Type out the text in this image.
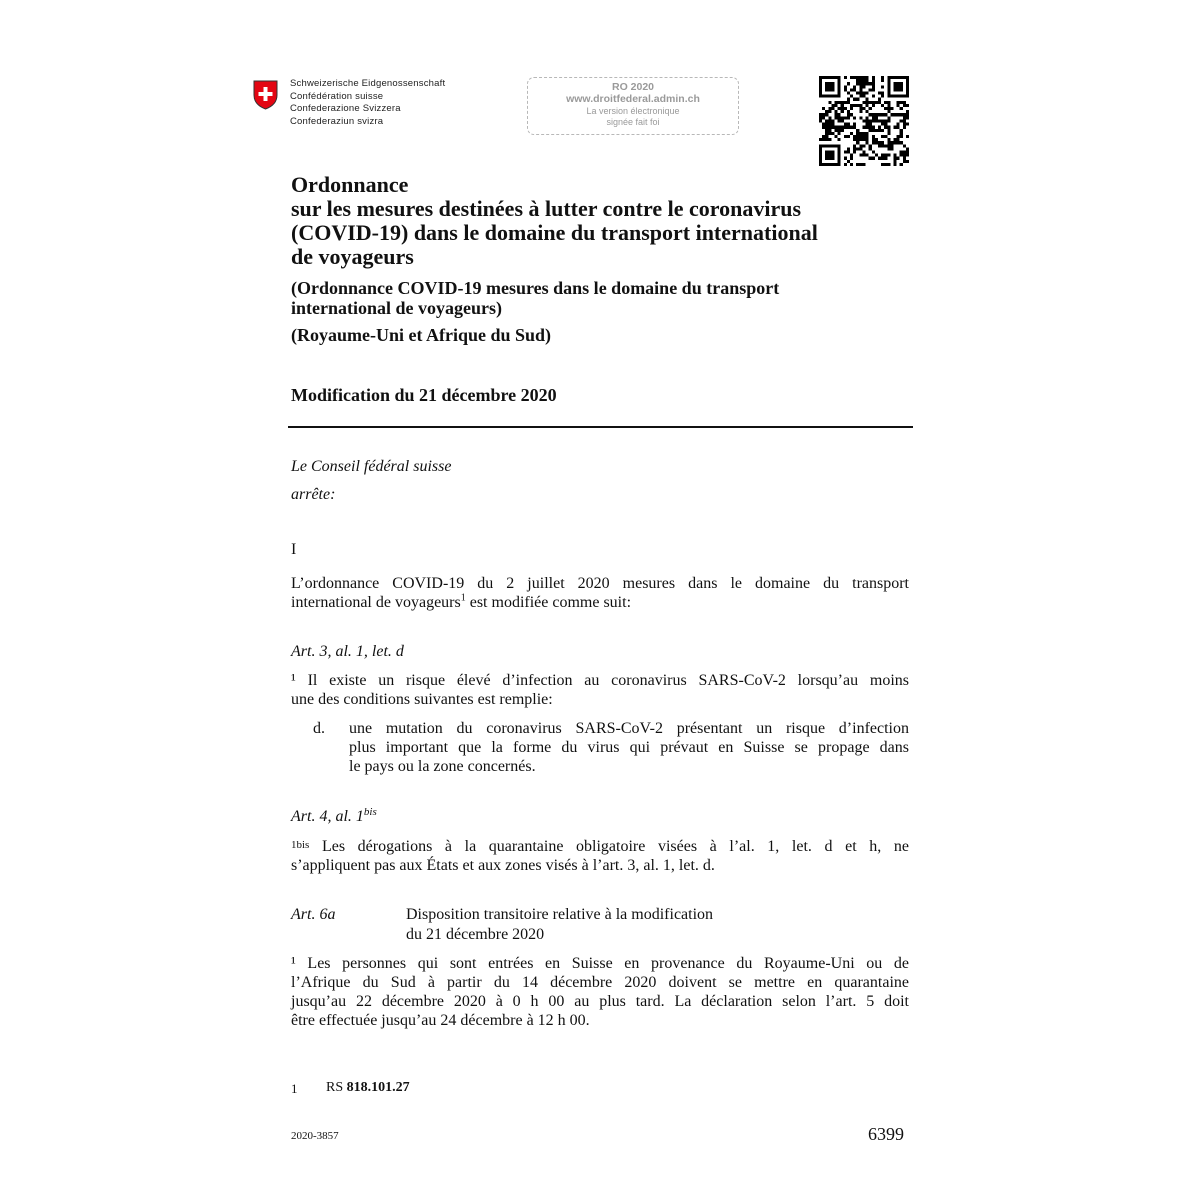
Schweizerische Eidgenossenschaft
Confédération suisse
Confederazione Svizzera
Confederaziun svizra
RO 2020
www.droitfederal.admin.ch
La version électronique
signée fait foi
Ordonnance
sur les mesures destinées à lutter contre le coronavirus
(COVID-19) dans le domaine du transport international
de voyageurs
(Ordonnance COVID-19 mesures dans le domaine du transport
international de voyageurs)
(Royaume-Uni et Afrique du Sud)
Modification du 21 décembre 2020
Le Conseil fédéral suisse
arrête:
I
L’ordonnance COVID-19 du 2 juillet 2020 mesures dans le domaine du transport
international de voyageurs$^1$ est modifiée comme suit:
Art. 3, al. 1, let. d
¹ Il existe un risque élevé d’infection au coronavirus SARS-CoV-2 lorsqu’au moins
une des conditions suivantes est remplie:
d. une mutation du coronavirus SARS-CoV-2 présentant un risque d’infection
plus important que la forme du virus qui prévaut en Suisse se propage dans
le pays ou la zone concernés.
Art. 4, al. $1^{bis}$
1bis Les dérogations à la quarantaine obligatoire visées à l’al. 1, let. d et h, ne
s’appliquent pas aux États et aux zones visés à l’art. 3, al. 1, let. d.
Art. 6a	Disposition transitoire relative à la modification
du 21 décembre 2020
¹ Les personnes qui sont entrées en Suisse en provenance du Royaume-Uni ou de
l’Afrique du Sud à partir du 14 décembre 2020 doivent se mettre en quarantaine
jusqu’au 22 décembre 2020 à 0 h 00 au plus tard. La déclaration selon l’art. 5 doit
être effectuée jusqu’au 24 décembre à 12 h 00.
1 RS 818.101.27
2020-3857	6399
